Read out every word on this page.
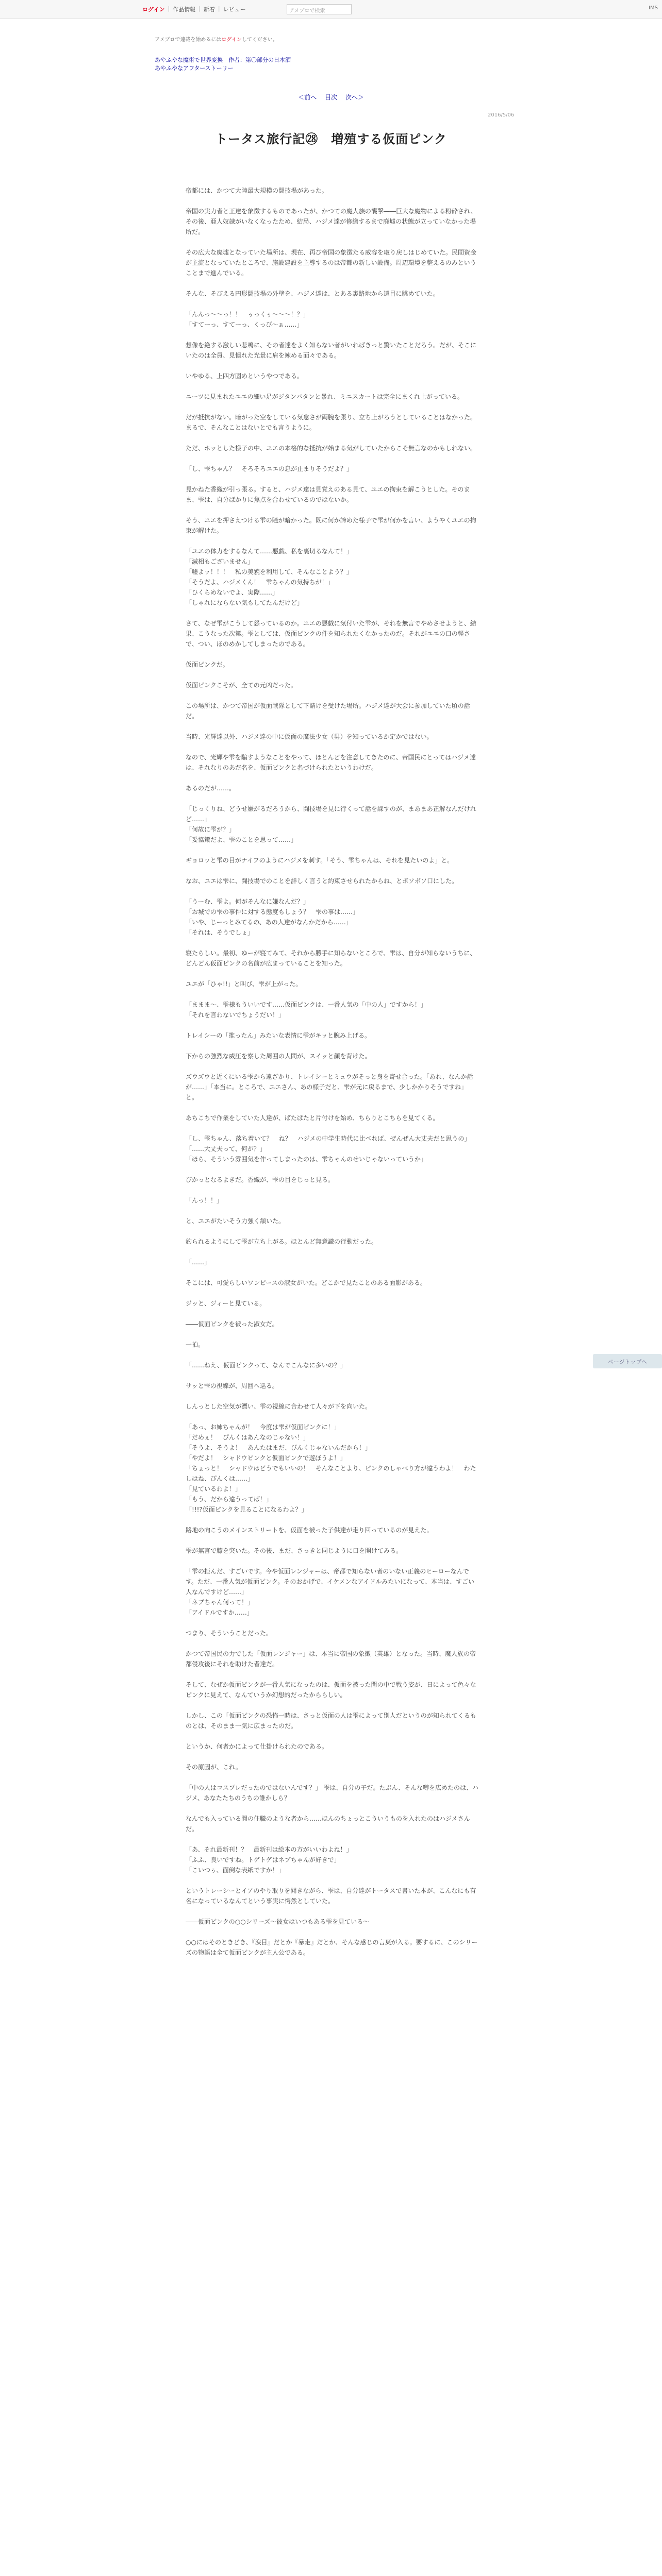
ログイン | 作品情報 | 新着 | レビュー	アメブロで検索
IMS
アメブロで連載を始めるにはログインしてください。
あやふやな魔術で世界変換　作者：第〇部分の日本酒
あやふやなアフターストーリー
＜前へ 目次 次へ＞
2016/5/06
トータス旅行記㉘　増殖する仮面ピンク

帝都には、かつて大陸最大規模の闘技場があった。

帝国の実力者と王達を象徴するものであったが、かつての魔人族の襲撃――巨大な魔物による粉砕され、その後、亜人奴隷がいなくなったため、結局、ハジメ達が修繕するまで廃墟の状態が立っていなかった場所だ。

その広大な廃墟となっていた場所は、現在、再び帝国の象徴たる威容を取り戻しはじめていた。民間資金が主流となっていたところで、施設建設を主導するのは帝都の新しい設備。周辺環境を整えるのみということまで進んでいる。

そんな、そびえる円形闘技場の外壁を、ハジメ達は、とある裏路地から遠目に眺めていた。

「んんっ～～っ！！　ぅっくぅ～～～！？」
「すてーっ、すてーっ、くっぴ～ぁ……」

想像を絶する激しい悲鳴に、その者達をよく知らない者がいればきっと驚いたことだろう。だが、そこにいたのは全員、見慣れた光景に肩を竦める面々である。

いやゆる、上四方固めというやつである。

ニーツに見まれたユエの細い足がジタンバタンと暴れ、ミニスカートは完全にまくれ上がっている。

だが抵抗がない。暗がった空をしている気怠さが両腕を張り、立ち上がろうとしていることはなかった。まるで、そんなことはないとでも言うように。

ただ、ホッとした様子の中、ユエの本格的な抵抗が始まる気がしていたからこそ無言なのかもしれない。

「し、雫ちゃん？　そろそろユエの息が止まりそうだよ？」

見かねた香織が引っ張る。すると、ハジメ達は見覚えのある見て、ユエの拘束を解こうとした。そのまま、雫は、自分ばかりに焦点を合わせているのではないか。

そう、ユエを押さえつける雫の瞳が暗かった。既に何か諦めた様子で雫が何かを言い、ようやくユエの拘束が解けた。

「ユエの体力をするなんて……悪戯、私を裏切るなんて！」
「減相もございません」
「嘘よッ！！！　私の美貌を利用して、そんなことよう？」
「そうだよ、ハジメくん！　雫ちゃんの気持ちが！」
「ひくらめないでよ、実際……」
「しゃれにならない気もしてたんだけど」

さて、なぜ雫がこうして怒っているのか。ユエの悪戯に気付いた雫が、それを無言でやめさせようと、結果、こうなった次第。雫としては、仮面ピンクの件を知られたくなかったのだ。それがユエの口の軽さで、つい、ほのめかしてしまったのである。

仮面ピンクだ。

仮面ピンクこそが、全ての元凶だった。

この場所は、かつて帝国が仮面戦隊として下請けを受けた場所。ハジメ達が大会に参加していた頃の話だ。

当時、光輝達以外、ハジメ達の中に仮面の魔法少女（男）を知っているか定かではない。

なので、光輝や雫を騙すようなことをやって、ほとんどを注意してきたのに、帝国民にとってはハジメ達は、それなりのあだ名を、仮面ピンクと名づけられたというわけだ。

あるのだが……。

「じっくりね、どうせ嫌がるだろうから、闘技場を見に行くって話を課すのが、まあまあ正解なんだけれど……」
「何故に雫が？」
「妥協策だよ、雫のことを思って……」

ギョロッと雫の目がナイフのようにハジメを刺す。「そう、雫ちゃんは、それを見たいのよ」と。

なお、ユエは雫に、闘技場でのことを詳しく言うと約束させられたからね、とボソボソ口にした。

「うーむ、雫よ。何がそんなに嫌なんだ？」
「お城での雫の事件に対する態度もしょう？　雫の事は……」
「いや、じーっとみてるの、あの人達がなんかだから……」
「それは、そうでしょ」

寝たらしい。最初、ゆーが寝てみて、それから勝手に知らないところで、雫は、自分が知らないうちに、どんどん仮面ピンクの名前が広まっていることを知った。

ユエが「ひゃ!!」と叫び、雫が上がった。

「ままま～、雫様もういいです……仮面ピンクは、一番人気の「中の人」ですから！」
「それを言わないでちょうだい！」

トレイシーの「推ったん」みたいな表情に雫がキッと睨み上げる。

下からの強烈な威圧を察した周囲の人間が、スイッと顔を背けた。

ズウズウと近くにいる雫から遠ざかり、トレイシーとミュウがそっと身を寄せ合った。「あれ、なんか話が……」「本当に。ところで、ユエさん、あの様子だと、雫が元に戻るまで、少しかかりそうですね」と。

あちこちで作業をしていた人達が、ぱたぱたと片付けを始め、ちらりとこちらを見てくる。

「し、雫ちゃん、落ち着いて？　ね？　ハジメの中学生時代に比べれば、ぜんぜん大丈夫だと思うの」
「……大丈夫って、何が？」
「ほら、そういう雰囲気を作ってしまったのは、雫ちゃんのせいじゃないっていうか」

ぴかっとなるよきだ。香織が、雫の目をじっと見る。

「んっ！！」

と、ユエがたいそう力強く頷いた。

釣られるようにして雫が立ち上がる。ほとんど無意識の行動だった。

「……」

そこには、可愛らしいワンピースの淑女がいた。どこかで見たことのある面影がある。

ジッと、ジィーと見ている。

――仮面ピンクを被った淑女だ。

一拍。

「……ねえ、仮面ピンクって、なんでこんなに多いの？」

サッと雫の視線が、周囲へ巡る。

しんっとした空気が漂い、雫の視線に合わせて人々が下を向いた。

「あっ、お姉ちゃんが！　今度は雫が仮面ピンクに！」
「だめぇ！　ぴんくはあんなのじゃない！」
「そうよ、そうよ！　あんたはまだ、ぴんくじゃないんだから！」
「やだよ！　シャドウピンクと仮面ピンクで遊ぼうよ！」
「ちょっと！　シャドウはどうでもいいの！　そんなことより、ピンクのしゃべり方が違うわよ！　わたしはね、ぴんくは……」
「見ているわよ！」
「もう、だから違うってば！」
「!!!?仮面ピンクを見ることになるわよ？」

路地の向こうのメインストリートを、仮面を被った子供達が走り回っているのが見えた。

雫が無言で膝を突いた。その後、まだ、さっきと同じように口を開けてみる。

「雫の拒んだ、すごいです。今や仮面レンジャーは、帝都で知らない者のいない正義のヒーローなんです。ただ、一番人気が仮面ピンク。そのおかげで、イケメンなアイドルみたいになって、本当は、すごい人なんですけど……」
「ネプちゃん何って！」
「アイドルですか……」

つまり、そういうことだった。

かつて帝国民の力でした「仮面レンジャー」は、本当に帝国の象徴（英雄）となった。当時、魔人族の帝都侵攻後にそれを助けた者達だ。

そして、なぜか仮面ピンクが一番人気になったのは、仮面を被った闇の中で戦う姿が、日によって色々なピンクに見えて、なんていうか幻想的だったかららしい。

しかし、この「仮面ピンクの恐怖一時は、さっと仮面の人は雫によって別人だというのが知られてくるものとは、そのまま一気に広まったのだ。

というか、何者かによって仕掛けられたのである。

その原因が、これ。

「中の人はコスプレだったのではないんです？」 雫は、自分の子だ。たぶん、そんな噂を広めたのは、ハジメ、あなたたちのうちの誰かしら？

なんでも入っている闇の住職のような者から……ほんのちょっとこういうものを入れたのはハジメさんだ。

「あ、それ最新刊！？　最新刊は絵本の方がいいわよね！」
「ふふ、良いですね。トゲトゲはネプちゃんが好きで」
「こいつぅ、面倒な表紙ですか！」

というトレーシーとイアのやり取りを聞きながら、雫は、自分達がトータスで書いた本が、こんなにも有名になっているなんてという事実に愕然としていた。

――仮面ピンクの○○シリーズ～彼女はいつもある雫を見ている～

○○にはそのときどき、『涙目』だとか『暴走』だとか、そんな感じの言葉が入る。要するに、このシリーズの物語は全て仮面ピンクが主人公である。

ページトップへ
